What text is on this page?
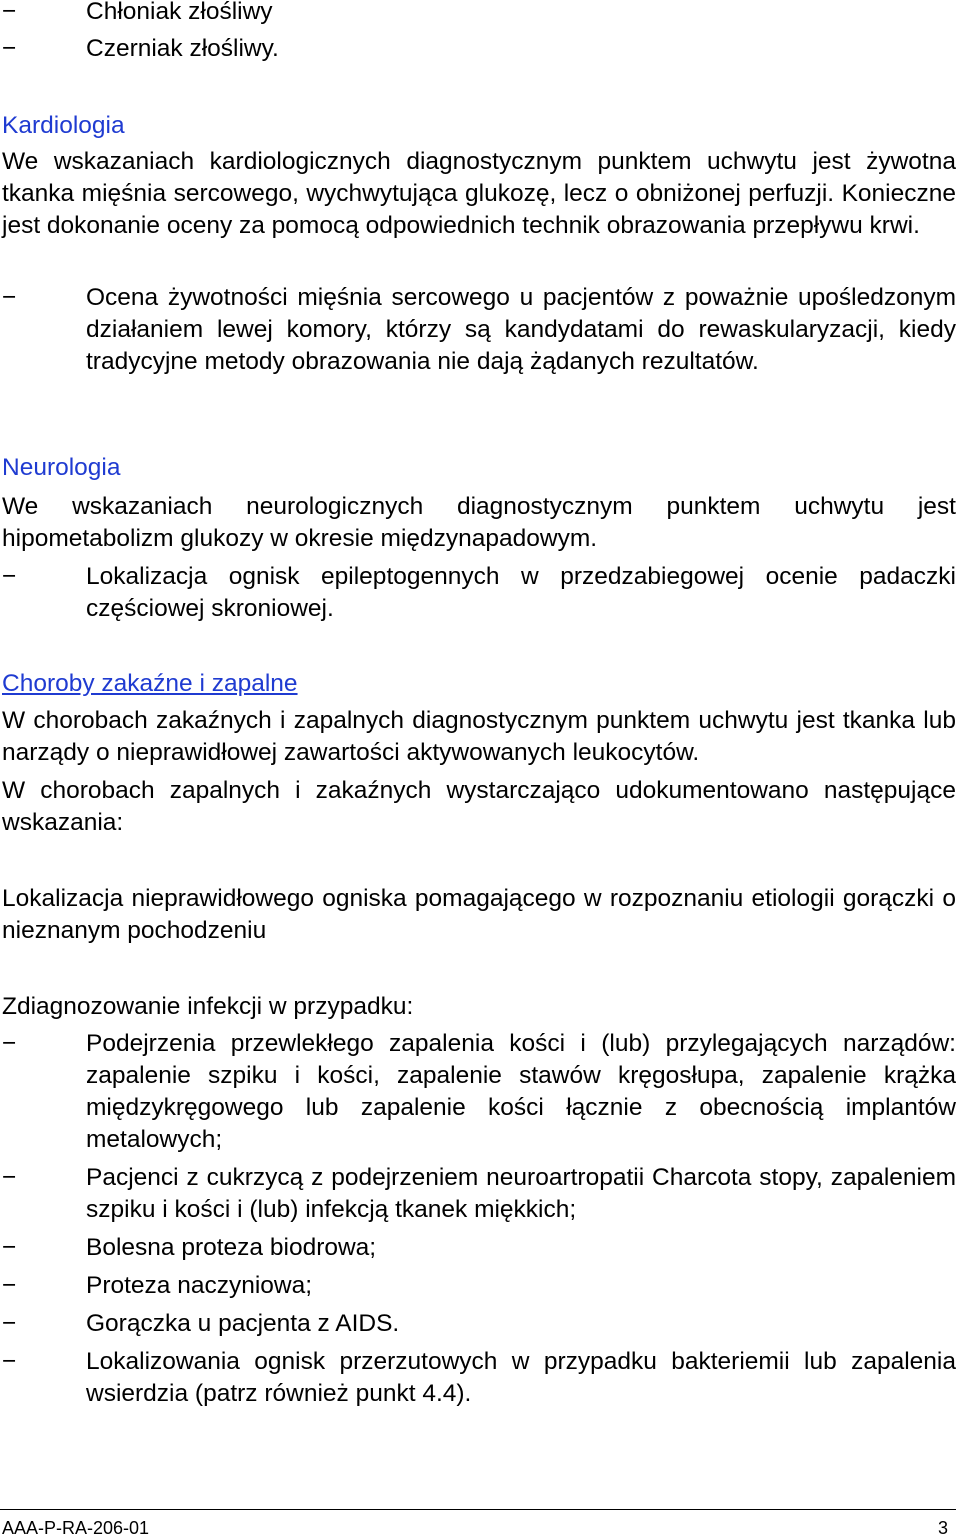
−	Chłoniak złośliwy
−	Czerniak złośliwy.
Kardiologia

We wskazaniach kardiologicznych diagnostycznym punktem uchwytu jest żywotna tkanka mięśnia sercowego, wychwytująca glukozę, lecz o obniżonej perfuzji. Konieczne jest dokonanie oceny za pomocą odpowiednich technik obrazowania przepływu krwi.

−	Ocena żywotności mięśnia sercowego u pacjentów z poważnie upośledzonym działaniem lewej komory, którzy są kandydatami do rewaskularyzacji, kiedy tradycyjne metody obrazowania nie dają żądanych rezultatów.
Neurologia

We wskazaniach neurologicznych diagnostycznym punktem uchwytu jest hipometabolizm glukozy w okresie międzynapadowym.

−	Lokalizacja ognisk epileptogennych w przedzabiegowej ocenie padaczki częściowej skroniowej.
Choroby zakaźne i zapalne

W chorobach zakaźnych i zapalnych diagnostycznym punktem uchwytu jest tkanka lub narządy o nieprawidłowej zawartości aktywowanych leukocytów.

W chorobach zapalnych i zakaźnych wystarczająco udokumentowano następujące wskazania:

Lokalizacja nieprawidłowego ogniska pomagającego w rozpoznaniu etiologii gorączki o nieznanym pochodzeniu

Zdiagnozowanie infekcji w przypadku:
−	Podejrzenia przewlekłego zapalenia kości i (lub) przylegających narządów: zapalenie szpiku i kości, zapalenie stawów kręgosłupa, zapalenie krążka międzykręgowego lub zapalenie kości łącznie z obecnością implantów metalowych;
−	Pacjenci z cukrzycą z podejrzeniem neuroartropatii Charcota stopy, zapaleniem szpiku i kości i (lub) infekcją tkanek miękkich;
−	Bolesna proteza biodrowa;
−	Proteza naczyniowa;
−	Gorączka u pacjenta z AIDS.
−	Lokalizowania ognisk przerzutowych w przypadku bakteriemii lub zapalenia wsierdzia (patrz również punkt 4.4).
AAA-P-RA-206-01	3
